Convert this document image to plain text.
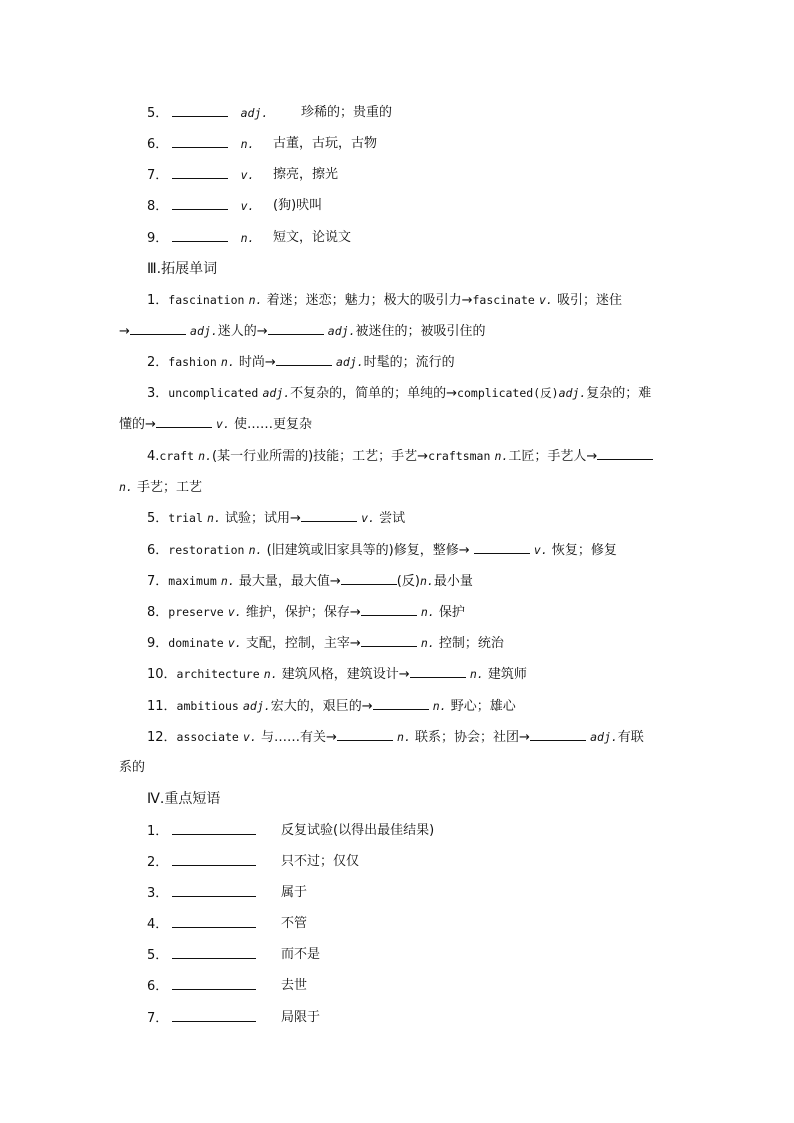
5．	adj.	珍稀的；贵重的
6．	n. 古董，古玩，古物
7．	v. 擦亮，擦光
8．	v. (狗)吠叫
9．	n. 短文，论说文
Ⅲ.拓展单词
1．fascination n. 着迷；迷恋；魅力；极大的吸引力→fascinate v. 吸引；迷住
→	adj.迷人的→	adj.被迷住的；被吸引住的
2．fashion n. 时尚→	adj.时髦的；流行的
3．uncomplicated adj.不复杂的，简单的；单纯的→complicated(反)adj.复杂的；难
懂的→	v. 使……更复杂
4.craft n.(某一行业所需的)技能；工艺；手艺→craftsman n.工匠；手艺人→
n. 手艺；工艺
5．trial n. 试验；试用→	v. 尝试
6．restoration n. (旧建筑或旧家具等的)修复，整修→	v. 恢复；修复
7．maximum n. 最大量，最大值→	(反)n.最小量
8．preserve v. 维护，保护；保存→	n. 保护
9．dominate v. 支配，控制，主宰→	n. 控制；统治
10．architecture n. 建筑风格，建筑设计→	n. 建筑师
11．ambitious adj.宏大的，艰巨的→	n. 野心；雄心
12．associate v. 与……有关→	n. 联系；协会；社团→	adj.有联
系的
Ⅳ.重点短语
1．	反复试验(以得出最佳结果)
2．	只不过；仅仅
3．	属于
4．	不管
5．	而不是
6．	去世
7．	局限于
